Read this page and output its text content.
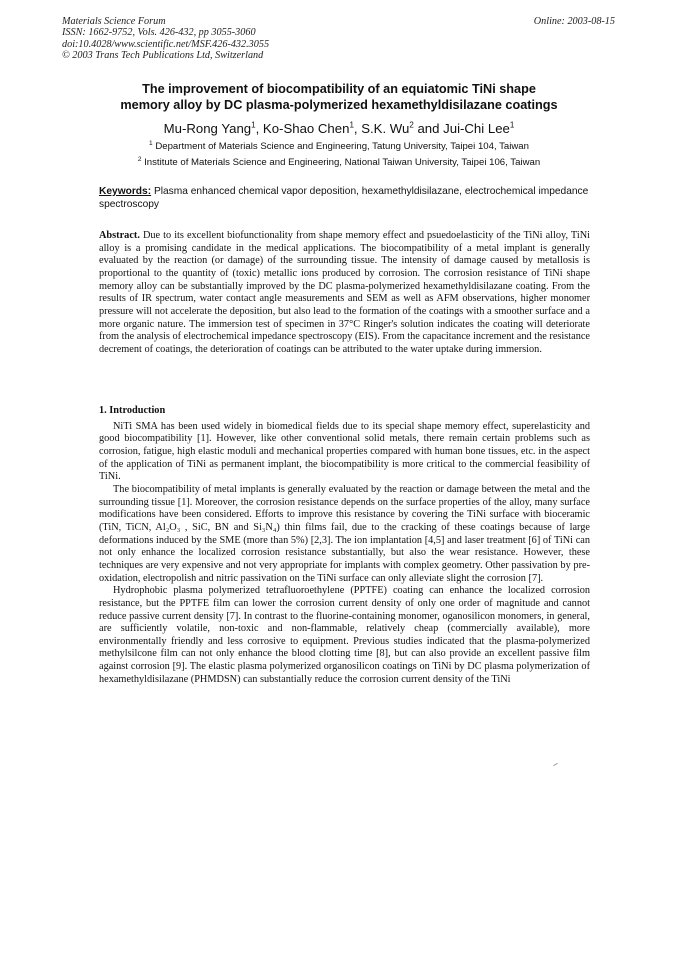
Materials Science Forum
ISSN: 1662-9752, Vols. 426-432, pp 3055-3060
doi:10.4028/www.scientific.net/MSF.426-432.3055
© 2003 Trans Tech Publications Ltd, Switzerland
Online: 2003-08-15
The improvement of biocompatibility of an equiatomic TiNi shape
memory alloy by DC plasma-polymerized hexamethyldisilazane coatings
Mu-Rong Yang$^1$, Ko-Shao Chen$^1$, S.K. Wu$^2$ and Jui-Chi Lee$^1$
$^1$ Department of Materials Science and Engineering, Tatung University, Taipei 104, Taiwan
$^2$ Institute of Materials Science and Engineering, National Taiwan University, Taipei 106, Taiwan
Keywords: Plasma enhanced chemical vapor deposition, hexamethyldisilazane, electrochemical impedance spectroscopy

Abstract. Due to its excellent biofunctionality from shape memory effect and psuedoelasticity of the TiNi alloy, TiNi alloy is a promising candidate in the medical applications. The biocompatibility of a metal implant is generally evaluated by the reaction (or damage) of the surrounding tissue. The intensity of damage caused by metallosis is proportional to the quantity of (toxic) metallic ions produced by corrosion. The corrosion resistance of TiNi shape memory alloy can be substantially improved by the DC plasma-polymerized hexamethyldisilazane coating. From the results of IR spectrum, water contact angle measurements and SEM as well as AFM observations, higher monomer pressure will not accelerate the deposition, but also lead to the formation of the coatings with a smoother surface and a more organic nature. The immersion test of specimen in 37°C Ringer's solution indicates the coating will deteriorate from the analysis of electrochemical impedance spectroscopy (EIS). From the capacitance increment and the resistance decrement of coatings, the deterioration of coatings can be attributed to the water uptake during immersion.

1. Introduction

NiTi SMA has been used widely in biomedical fields due to its special shape memory effect, superelasticity and good biocompatibility [1]. However, like other conventional solid metals, there remain certain problems such as corrosion, fatigue, high elastic moduli and mechanical properties compared with human bone tissues, etc. in the aspect of the application of TiNi as permanent implant, the biocompatibility is more critical to the commercial feasibility of TiNi.

The biocompatibility of metal implants is generally evaluated by the reaction or damage between the metal and the surrounding tissue [1]. Moreover, the corrosion resistance depends on the surface properties of the alloy, many surface modifications have been considered. Efforts to improve this resistance by covering the TiNi surface with bioceramic (TiN, TiCN, Al₂O₃ , SiC, BN and Si₃N₄) thin films fail, due to the cracking of these coatings because of large deformations induced by the SME (more than 5%) [2,3]. The ion implantation [4,5] and laser treatment [6] of TiNi can not only enhance the localized corrosion resistance substantially, but also the wear resistance. However, these techniques are very expensive and not very appropriate for implants with complex geometry. Other passivation by pre-oxidation, electropolish and nitric passivation on the TiNi surface can only alleviate slight the corrosion [7].

Hydrophobic plasma polymerized tetrafluoroethylene (PPTFE) coating can enhance the localized corrosion resistance, but the PPTFE film can lower the corrosion current density of only one order of magnitude and cannot reduce passive current density [7]. In contrast to the fluorine-containing monomer, oganosilicon monomers, in general, are sufficiently volatile, non-toxic and non-flammable, relatively cheap (commercially available), more environmentally friendly and less corrosive to equipment. Previous studies indicated that the plasma-polymerized methylsilcone film can not only enhance the blood clotting time [8], but can also provide an excellent passive film against corrosion [9]. The elastic plasma polymerized organosilicon coatings on TiNi by DC plasma polymerization of hexamethyldisilazane (PHMDSN) can substantially reduce the corrosion current density of the TiNi
